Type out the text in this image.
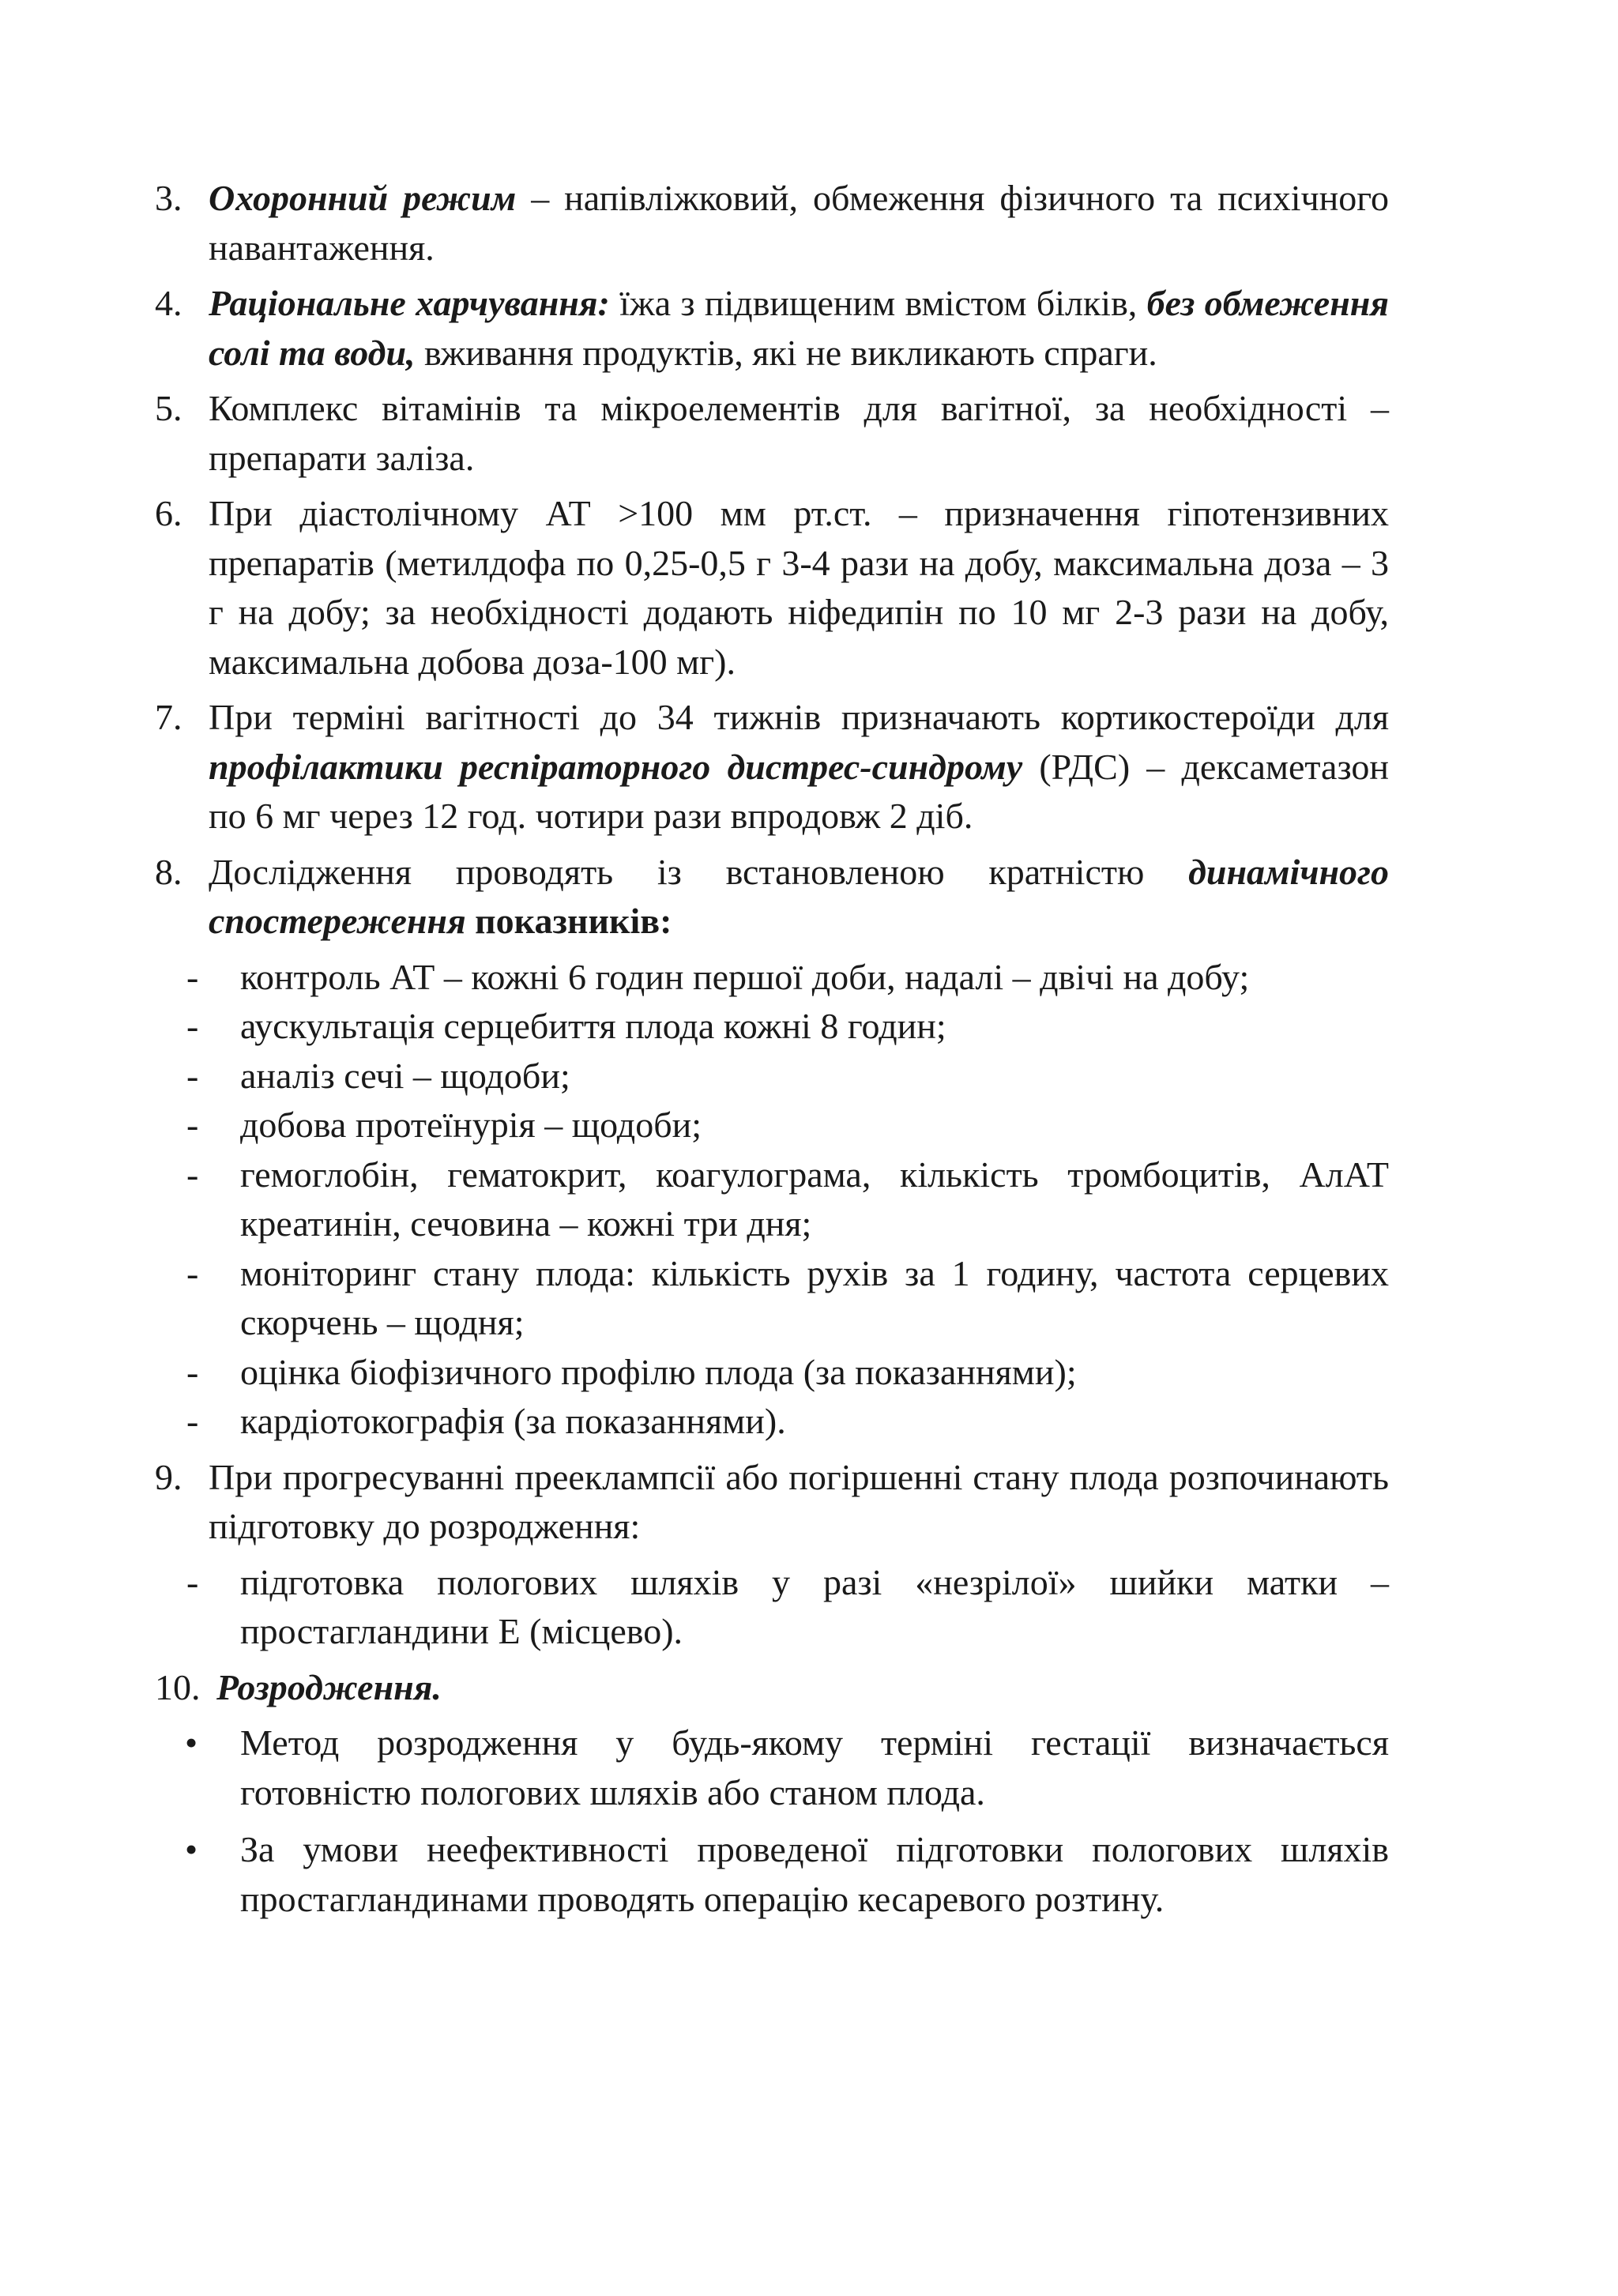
3. Охоронний режим – напівліжковий, обмеження фізичного та психічного навантаження.
4. Раціональне харчування: їжа з підвищеним вмістом білків, без обмеження солі та води, вживання продуктів, які не викликають спраги.
5. Комплекс вітамінів та мікроелементів для вагітної, за необхідності – препарати заліза.
6. При діастолічному АТ >100 мм рт.ст. – призначення гіпотензивних препаратів (метилдофа по 0,25-0,5 г 3-4 рази на добу, максимальна доза – 3 г на добу; за необхідності додають ніфедипін по 10 мг 2-3 рази на добу, максимальна добова доза-100 мг).
7. При терміні вагітності до 34 тижнів призначають кортикостероїди для профілактики респіраторного дистрес-синдрому (РДС) – дексаметазон по 6 мг через 12 год. чотири рази впродовж 2 діб.
8. Дослідження проводять із встановленою кратністю динамічного спостереження показників:
- контроль АТ – кожні 6 годин першої доби, надалі – двічі на добу;
- аускультація серцебиття плода кожні 8 годин;
- аналіз сечі – щодоби;
- добова протеїнурія – щодоби;
- гемоглобін, гематокрит, коагулограма, кількість тромбоцитів, АлАТ креатинін, сечовина – кожні три дня;
- моніторинг стану плода: кількість рухів за 1 годину, частота серцевих скорчень – щодня;
- оцінка біофізичного профілю плода (за показаннями);
- кардіотокографія (за показаннями).
9. При прогресуванні прееклампсії або погіршенні стану плода розпочинають підготовку до розродження:
- підготовка пологових шляхів у разі «незрілої» шийки матки – простагландини Е (місцево).
10. Розродження.
• Метод розродження у будь-якому терміні гестації визначається готовністю пологових шляхів або станом плода.
• За умови неефективності проведеної підготовки пологових шляхів простагландинами проводять операцію кесаревого розтину.
